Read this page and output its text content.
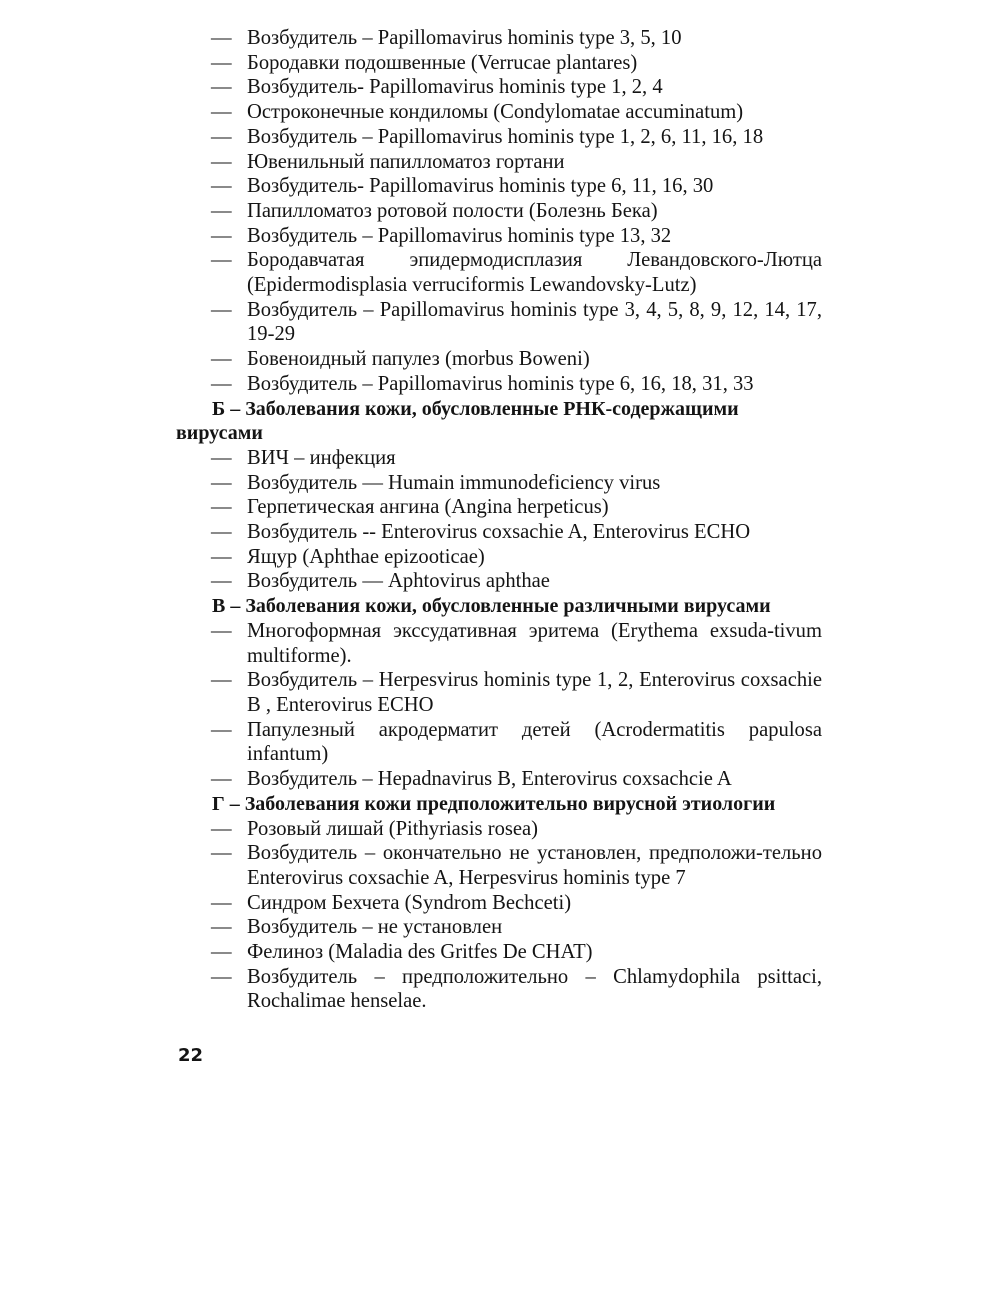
— Возбудитель – Papillomavirus hominis type 3, 5, 10
— Бородавки подошвенные (Verrucae plantares)
— Возбудитель- Papillomavirus hominis type 1, 2, 4
— Остроконечные кондиломы (Condylomatae accuminatum)
— Возбудитель – Papillomavirus hominis type 1, 2, 6, 11, 16, 18
— Ювенильный папилломатоз гортани
— Возбудитель- Papillomavirus hominis type 6, 11, 16, 30
— Папилломатоз ротовой полости (Болезнь Бека)
— Возбудитель – Papillomavirus hominis type 13, 32
— Бородавчатая эпидермодисплазия Левандовского-Лютца (Epidermodisplasia verruciformis Lewandovsky-Lutz)
— Возбудитель – Papillomavirus hominis type 3, 4, 5, 8, 9, 12, 14, 17, 19-29
— Бовеноидный папулез (morbus Boweni)
— Возбудитель – Papillomavirus hominis type 6, 16, 18, 31, 33
Б – Заболевания кожи, обусловленные РНК-содержащими вирусами
— ВИЧ – инфекция
— Возбудитель — Humain immunodeficiency virus
— Герпетическая ангина (Angina herpeticus)
— Возбудитель -- Enterovirus coxsachie A, Enterovirus ECHO
— Ящур (Aphthae epizooticae)
— Возбудитель — Aphtovirus aphthae
В – Заболевания кожи, обусловленные различными вирусами
— Многоформная экссудативная эритема (Erythema exsuda-tivum multiforme).
— Возбудитель – Herpesvirus hominis type 1, 2, Enterovirus coxsachie B , Enterovirus ECHO
— Папулезный акродерматит детей (Acrodermatitis papulosa infantum)
— Возбудитель – Hepadnavirus B, Enterovirus coxsachcie A
Г – Заболевания кожи предположительно вирусной этиологии
— Розовый лишай (Pithyriasis rosea)
— Возбудитель – окончательно не установлен, предположи-тельно Enterovirus coxsachie A, Herpesvirus hominis type 7
— Синдром Бехчета (Syndrom Bechceti)
— Возбудитель – не установлен
— Фелиноз (Maladia des Gritfes De CHAT)
— Возбудитель – предположительно – Chlamydophila psittaci, Rochalimae henselae.
22
